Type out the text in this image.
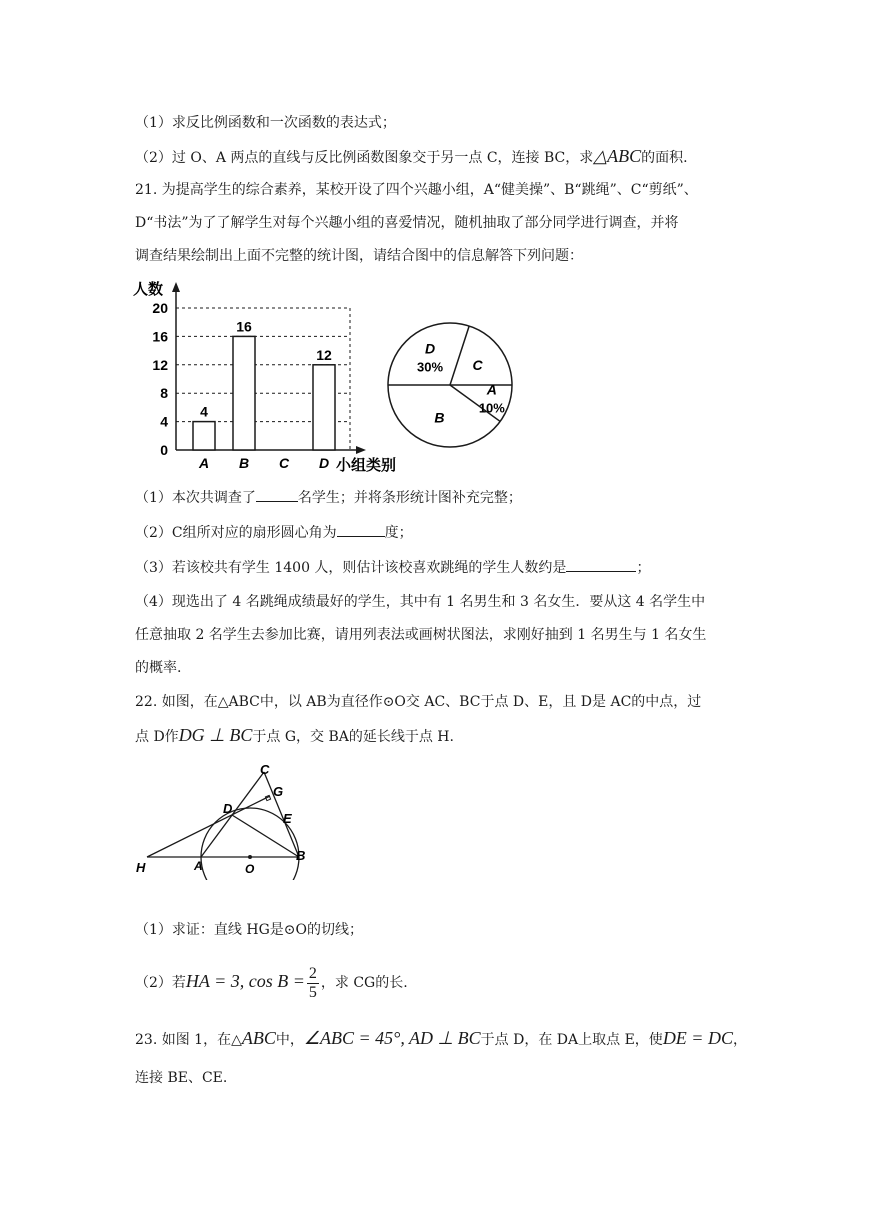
（1）求反比例函数和一次函数的表达式；
（2）过 O、A 两点的直线与反比例函数图象交于另一点 C，连接 BC，求△ABC的面积.
21. 为提高学生的综合素养，某校开设了四个兴趣小组，A“健美操”、B“跳绳”、C“剪纸”、
D“书法”为了了解学生对每个兴趣小组的喜爱情况，随机抽取了部分同学进行调查，并将
调查结果绘制出上面不完整的统计图，请结合图中的信息解答下列问题：
人数
小组类别
0
4
8
12
16
20
A
4
B
16
C D
12
A
10%
B
D
30% C
（1）本次共调查了	名学生；并将条形统计图补充完整；
（2）C组所对应的扇形圆心角为	度；
（3）若该校共有学生 1400 人，则估计该校喜欢跳绳的学生人数约是	；
（4）现选出了 4 名跳绳成绩最好的学生，其中有 1 名男生和 3 名女生．要从这 4 名学生中
任意抽取 2 名学生去参加比赛，请用列表法或画树状图法，求刚好抽到 1 名男生与 1 名女生
的概率.
22. 如图，在△ABC中，以 AB为直径作⊙O交 AC、BC于点 D、E，且 D是 AC的中点，过
点 D作DG ⊥ BC于点 G，交 BA的延长线于点 H.
C
G
D
E
H	A	O
B
（1）求证：直线 HG是⊙O的切线；
（2）若HA = 3, $\cos B = \frac{2}{5}$ ，求 CG的长.
23. 如图 1，在△ABC中，∠ABC = 45°, AD ⊥ BC于点 D，在 DA上取点 E，使DE = DC，
连接 BE、CE.
